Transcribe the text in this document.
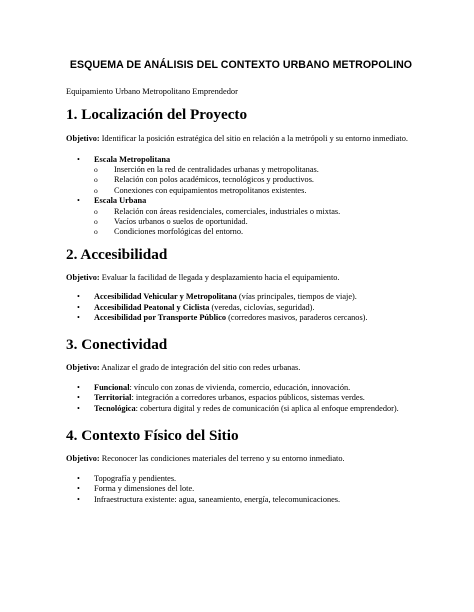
ESQUEMA DE ANÁLISIS DEL CONTEXTO URBANO METROPOLINO
Equipamiento Urbano Metropolitano Emprendedor
1. Localización del Proyecto
Objetivo: Identificar la posición estratégica del sitio en relación a la metrópoli y su entorno inmediato.
• Escala Metropolitana
o Inserción en la red de centralidades urbanas y metropolitanas.
o Relación con polos académicos, tecnológicos y productivos.
o Conexiones con equipamientos metropolitanos existentes.
• Escala Urbana
o Relación con áreas residenciales, comerciales, industriales o mixtas.
o Vacíos urbanos o suelos de oportunidad.
o Condiciones morfológicas del entorno.
2. Accesibilidad
Objetivo: Evaluar la facilidad de llegada y desplazamiento hacia el equipamiento.
• Accesibilidad Vehicular y Metropolitana (vías principales, tiempos de viaje).
• Accesibilidad Peatonal y Ciclista (veredas, ciclovías, seguridad).
• Accesibilidad por Transporte Público (corredores masivos, paraderos cercanos).
3. Conectividad
Objetivo: Analizar el grado de integración del sitio con redes urbanas.
• Funcional: vínculo con zonas de vivienda, comercio, educación, innovación.
• Territorial: integración a corredores urbanos, espacios públicos, sistemas verdes.
• Tecnológica: cobertura digital y redes de comunicación (si aplica al enfoque emprendedor).
4. Contexto Físico del Sitio
Objetivo: Reconocer las condiciones materiales del terreno y su entorno inmediato.
• Topografía y pendientes.
• Forma y dimensiones del lote.
• Infraestructura existente: agua, saneamiento, energía, telecomunicaciones.
